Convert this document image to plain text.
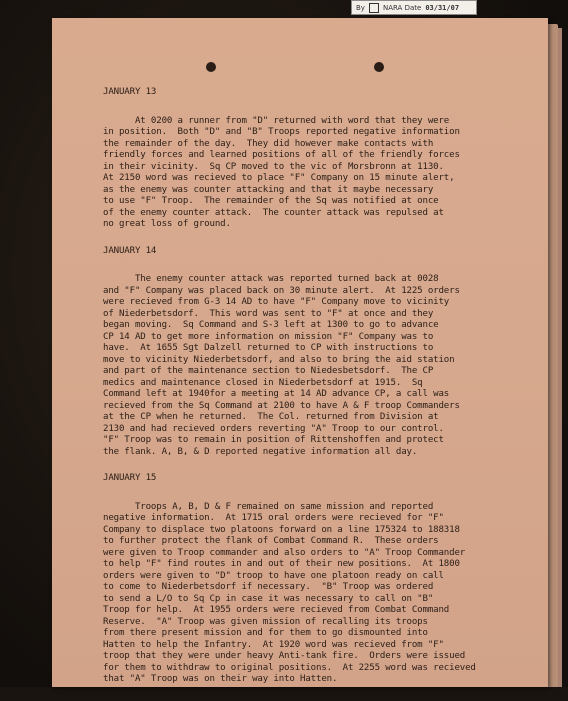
By	NARA Date 03/31/07
JANUARY 13
At 0200 a runner from "D" returned with word that they were
in position.  Both "D" and "B" Troops reported negative information
the remainder of the day.  They did however make contacts with
friendly forces and learned positions of all of the friendly forces
in their vicinity.  Sq CP moved to the vic of Morsbronn at 1130.
At 2150 word was recieved to place "F" Company on 15 minute alert,
as the enemy was counter attacking and that it maybe necessary
to use "F" Troop.  The remainder of the Sq was notified at once
of the enemy counter attack.  The counter attack was repulsed at
no great loss of ground.
JANUARY 14
The enemy counter attack was reported turned back at 0028
and "F" Company was placed back on 30 minute alert.  At 1225 orders
were recieved from G-3 14 AD to have "F" Company move to vicinity
of Niederbetsdorf.  This word was sent to "F" at once and they
began moving.  Sq Command and S-3 left at 1300 to go to advance
CP 14 AD to get more information on mission "F" Company was to
have.  At 1655 Sgt Dalzell returned to CP with instructions to
move to vicinity Niederbetsdorf, and also to bring the aid station
and part of the maintenance section to Niedesbetsdorf.  The CP
medics and maintenance closed in Niederbetsdorf at 1915.  Sq
Command left at 1940for a meeting at 14 AD advance CP, a call was
recieved from the Sq Command at 2100 to have A & F troop Commanders
at the CP when he returned.  The Col. returned from Division at
2130 and had recieved orders reverting "A" Troop to our control.
"F" Troop was to remain in position of Rittenshoffen and protect
the flank. A, B, & D reported negative information all day.
JANUARY 15
Troops A, B, D & F remained on same mission and reported
negative information.  At 1715 oral orders were recieved for "F"
Company to displace two platoons forward on a line 175324 to 188318
to further protect the flank of Combat Command R.  These orders
were given to Troop commander and also orders to "A" Troop Commander
to help "F" find routes in and out of their new positions.  At 1800
orders were given to "D" troop to have one platoon ready on call
to come to Niederbetsdorf if necessary.  "B" Troop was ordered
to send a L/O to Sq Cp in case it was necessary to call on "B"
Troop for help.  At 1955 orders were recieved from Combat Command
Reserve.  "A" Troop was given mission of recalling its troops
from there present mission and for them to go dismounted into
Hatten to help the Infantry.  At 1920 word was recieved from "F"
troop that they were under heavy Anti-tank fire.  Orders were issued
for them to withdraw to original positions.  At 2255 word was recieved
that "A" Troop was on their way into Hatten.
